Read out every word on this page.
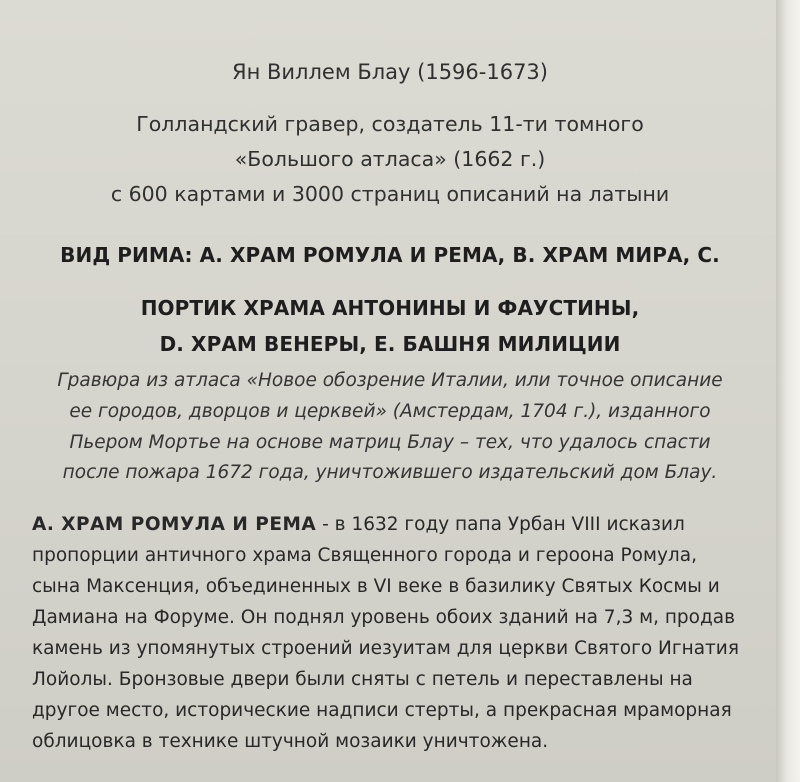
Ян Виллем Блау (1596-1673)
Голландский гравер, создатель 11-ти томного
«Большого атласа» (1662 г.)
с 600 картами и 3000 страниц описаний на латыни
ВИД РИМА: А. ХРАМ РОМУЛА И РЕМА, В. ХРАМ МИРА, С.
ПОРТИК ХРАМА АНТОНИНЫ И ФАУСТИНЫ,
D. ХРАМ ВЕНЕРЫ, Е. БАШНЯ МИЛИЦИИ
Гравюра из атласа «Новое обозрение Италии, или точное описание
ее городов, дворцов и церквей» (Амстердам, 1704 г.), изданного
Пьером Мортье на основе матриц Блау – тех, что удалось спасти
после пожара 1672 года, уничтожившего издательский дом Блау.
А. ХРАМ РОМУЛА И РЕМА - в 1632 году папа Урбан VIII исказил
пропорции античного храма Священного города и героона Ромула,
сына Максенция, объединенных в VI веке в базилику Святых Космы и
Дамиана на Форуме. Он поднял уровень обоих зданий на 7,3 м, продав
камень из упомянутых строений иезуитам для церкви Святого Игнатия
Лойолы. Бронзовые двери были сняты с петель и переставлены на
другое место, исторические надписи стерты, а прекрасная мраморная
облицовка в технике штучной мозаики уничтожена.
